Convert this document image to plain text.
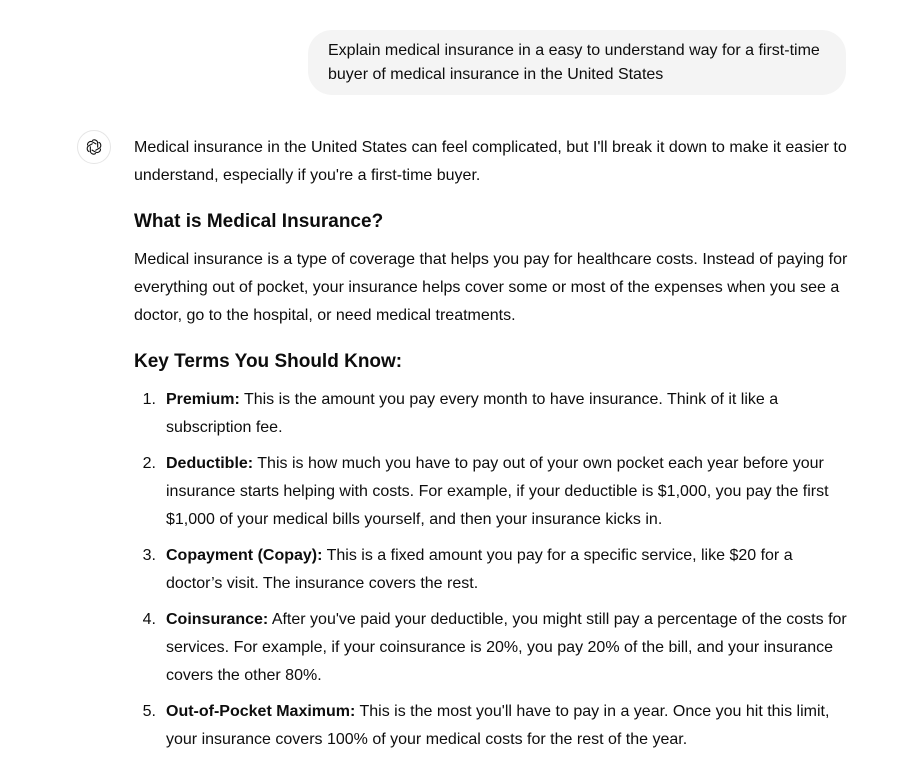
Explain medical insurance in a easy to understand way for a first-time buyer of medical insurance in the United States

Medical insurance in the United States can feel complicated, but I'll break it down to make it easier to understand, especially if you're a first-time buyer.

What is Medical Insurance?

Medical insurance is a type of coverage that helps you pay for healthcare costs. Instead of paying for everything out of pocket, your insurance helps cover some or most of the expenses when you see a doctor, go to the hospital, or need medical treatments.

Key Terms You Should Know:
1. Premium: This is the amount you pay every month to have insurance. Think of it like a subscription fee.
2. Deductible: This is how much you have to pay out of your own pocket each year before your insurance starts helping with costs. For example, if your deductible is $1,000, you pay the first $1,000 of your medical bills yourself, and then your insurance kicks in.
3. Copayment (Copay): This is a fixed amount you pay for a specific service, like $20 for a doctor’s visit. The insurance covers the rest.
4. Coinsurance: After you've paid your deductible, you might still pay a percentage of the costs for services. For example, if your coinsurance is 20%, you pay 20% of the bill, and your insurance covers the other 80%.
5. Out-of-Pocket Maximum: This is the most you'll have to pay in a year. Once you hit this limit, your insurance covers 100% of your medical costs for the rest of the year.
